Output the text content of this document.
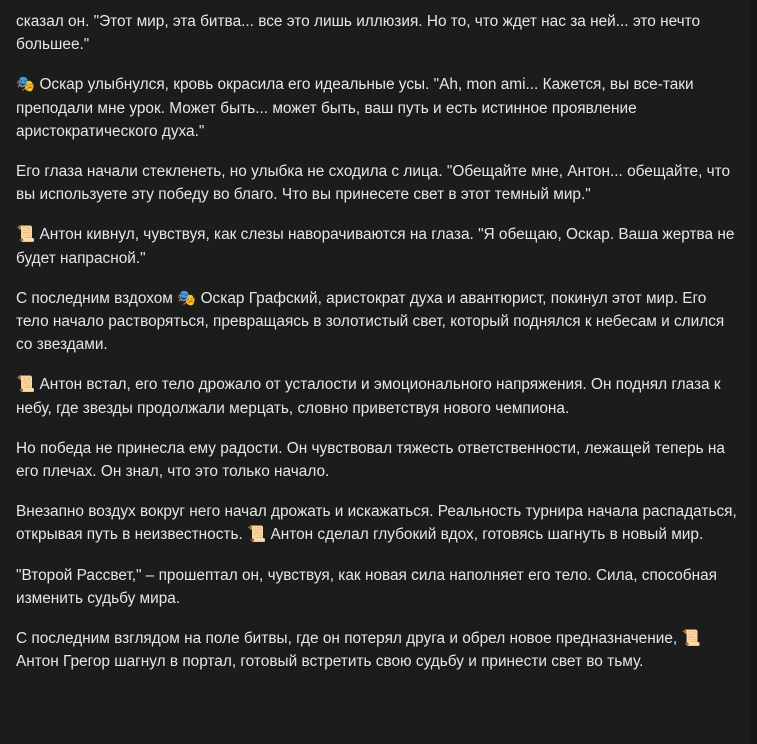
сказал он. "Этот мир, эта битва... все это лишь иллюзия. Но то, что ждет нас за ней... это нечто большее."

🎭 Оскар улыбнулся, кровь окрасила его идеальные усы. "Ah, mon ami... Кажется, вы все-таки преподали мне урок. Может быть... может быть, ваш путь и есть истинное проявление аристократического духа."

Его глаза начали стекленеть, но улыбка не сходила с лица. "Обещайте мне, Антон... обещайте, что вы используете эту победу во благо. Что вы принесете свет в этот темный мир."

📜 Антон кивнул, чувствуя, как слезы наворачиваются на глаза. "Я обещаю, Оскар. Ваша жертва не будет напрасной."

С последним вздохом 🎭 Оскар Графский, аристократ духа и авантюрист, покинул этот мир. Его тело начало растворяться, превращаясь в золотистый свет, который поднялся к небесам и слился со звездами.

📜 Антон встал, его тело дрожало от усталости и эмоционального напряжения. Он поднял глаза к небу, где звезды продолжали мерцать, словно приветствуя нового чемпиона.

Но победа не принесла ему радости. Он чувствовал тяжесть ответственности, лежащей теперь на его плечах. Он знал, что это только начало.

Внезапно воздух вокруг него начал дрожать и искажаться. Реальность турнира начала распадаться, открывая путь в неизвестность. 📜 Антон сделал глубокий вдох, готовясь шагнуть в новый мир.

"Второй Рассвет," – прошептал он, чувствуя, как новая сила наполняет его тело. Сила, способная изменить судьбу мира.

С последним взглядом на поле битвы, где он потерял друга и обрел новое предназначение, 📜 Антон Грегор шагнул в портал, готовый встретить свою судьбу и принести свет во тьму.
